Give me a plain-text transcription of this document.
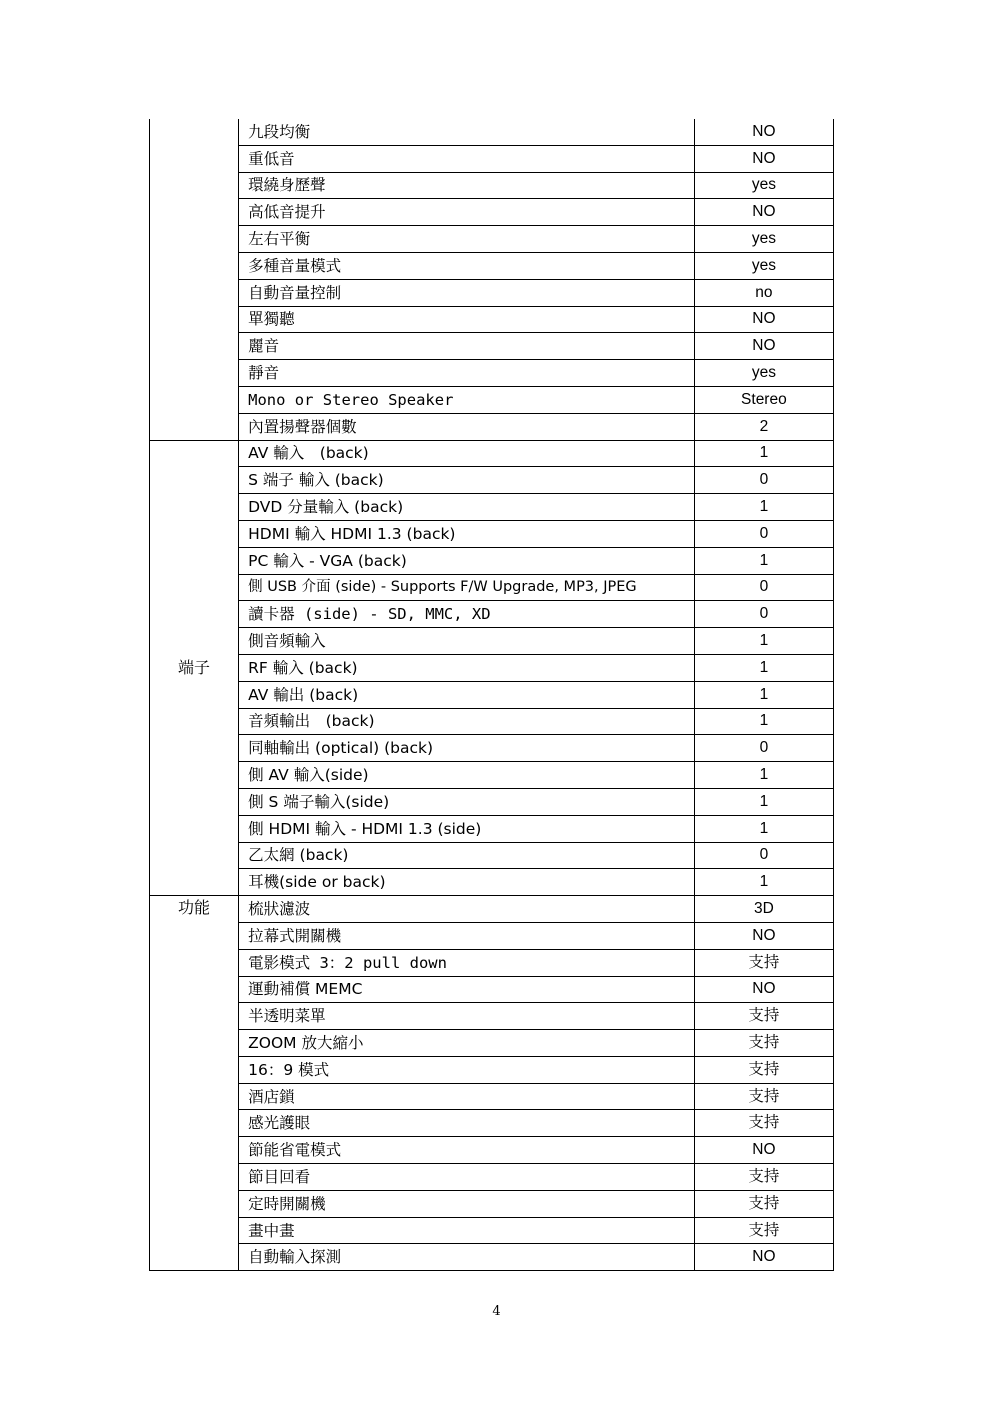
	九段均衡	NO
	重低音	NO
	環繞身歷聲	yes
	高低音提升	NO
	左右平衡	yes
	多種音量模式	yes
	自動音量控制	no
	單獨聽	NO
	麗音	NO
	靜音	yes
	Mono or Stereo Speaker	Stereo
	內置揚聲器個數	2
端子	AV 輸入　(back)	1
	S 端子 輸入 (back)	0
	DVD 分量輸入 (back)	1
	HDMI 輸入 HDMI 1.3 (back)	0
	PC 輸入 - VGA (back)	1
	側 USB 介面 (side) - Supports F/W Upgrade, MP3, JPEG	0
	讀卡器 (side) - SD, MMC, XD	0
	側音頻輸入	1
	RF 輸入 (back)	1
	AV 輸出 (back)	1
	音頻輸出　(back)	1
	同軸輸出 (optical) (back)	0
	側 AV 輸入(side)	1
	側 S 端子輸入(side)	1
	側 HDMI 輸入 - HDMI 1.3 (side)	1
	乙太網 (back)	0
	耳機(side or back)	1
功能	梳狀濾波	3D
	拉幕式開關機	NO
	電影模式 3：2 pull down	支持
	運動補償 MEMC	NO
	半透明菜單	支持
	ZOOM 放大縮小	支持
	16：9 模式	支持
	酒店鎖	支持
	感光護眼	支持
	節能省電模式	NO
	節目回看	支持
	定時開關機	支持
	畫中畫	支持
	自動輸入探測	NO
4
